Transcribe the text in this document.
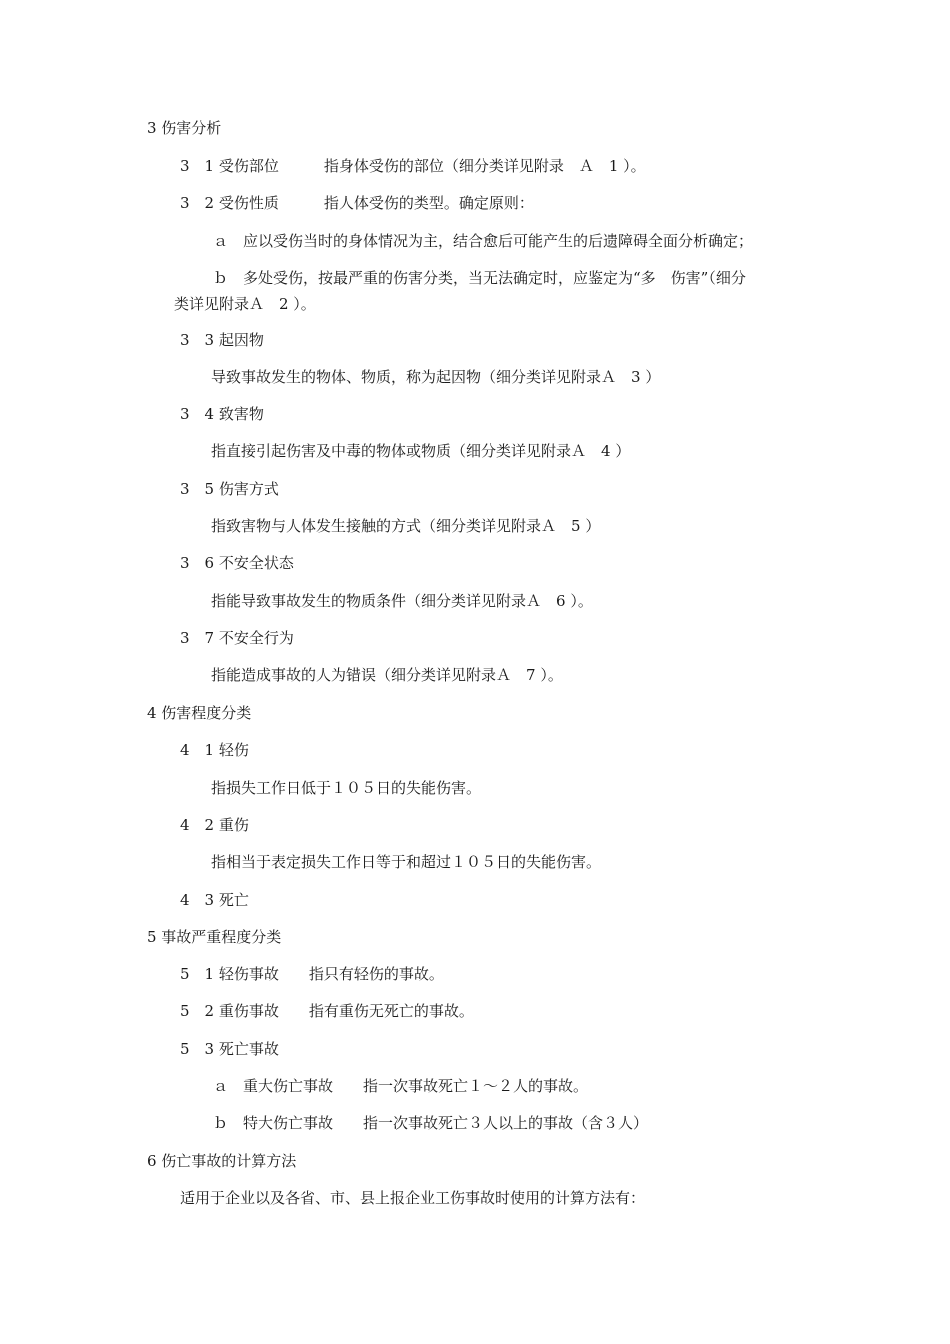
3 伤害分析
3　1 受伤部位　　　指身体受伤的部位（细分类详见附录　Ａ　1 ）。
3　2 受伤性质　　　指人体受伤的类型。确定原则：
ａ　应以受伤当时的身体情况为主，结合愈后可能产生的后遗障碍全面分析确定；
ｂ　多处受伤，按最严重的伤害分类，当无法确定时，应鉴定为“多　伤害”（细分
类详见附录Ａ　2 ）。
3　3 起因物
导致事故发生的物体、物质，称为起因物（细分类详见附录Ａ　3 ）
3　4 致害物
指直接引起伤害及中毒的物体或物质（细分类详见附录Ａ　4 ）
3　5 伤害方式
指致害物与人体发生接触的方式（细分类详见附录Ａ　5 ）
3　6 不安全状态
指能导致事故发生的物质条件（细分类详见附录Ａ　6 ）。
3　7 不安全行为
指能造成事故的人为错误（细分类详见附录Ａ　7 ）。
4 伤害程度分类
4　1 轻伤
指损失工作日低于１０５日的失能伤害。
4　2 重伤
指相当于表定损失工作日等于和超过１０５日的失能伤害。
4　3 死亡
5 事故严重程度分类
5　1 轻伤事故　　指只有轻伤的事故。
5　2 重伤事故　　指有重伤无死亡的事故。
5　3 死亡事故
ａ　重大伤亡事故　　指一次事故死亡１～２人的事故。
ｂ　特大伤亡事故　　指一次事故死亡３人以上的事故（含３人）
6 伤亡事故的计算方法
适用于企业以及各省、市、县上报企业工伤事故时使用的计算方法有：
